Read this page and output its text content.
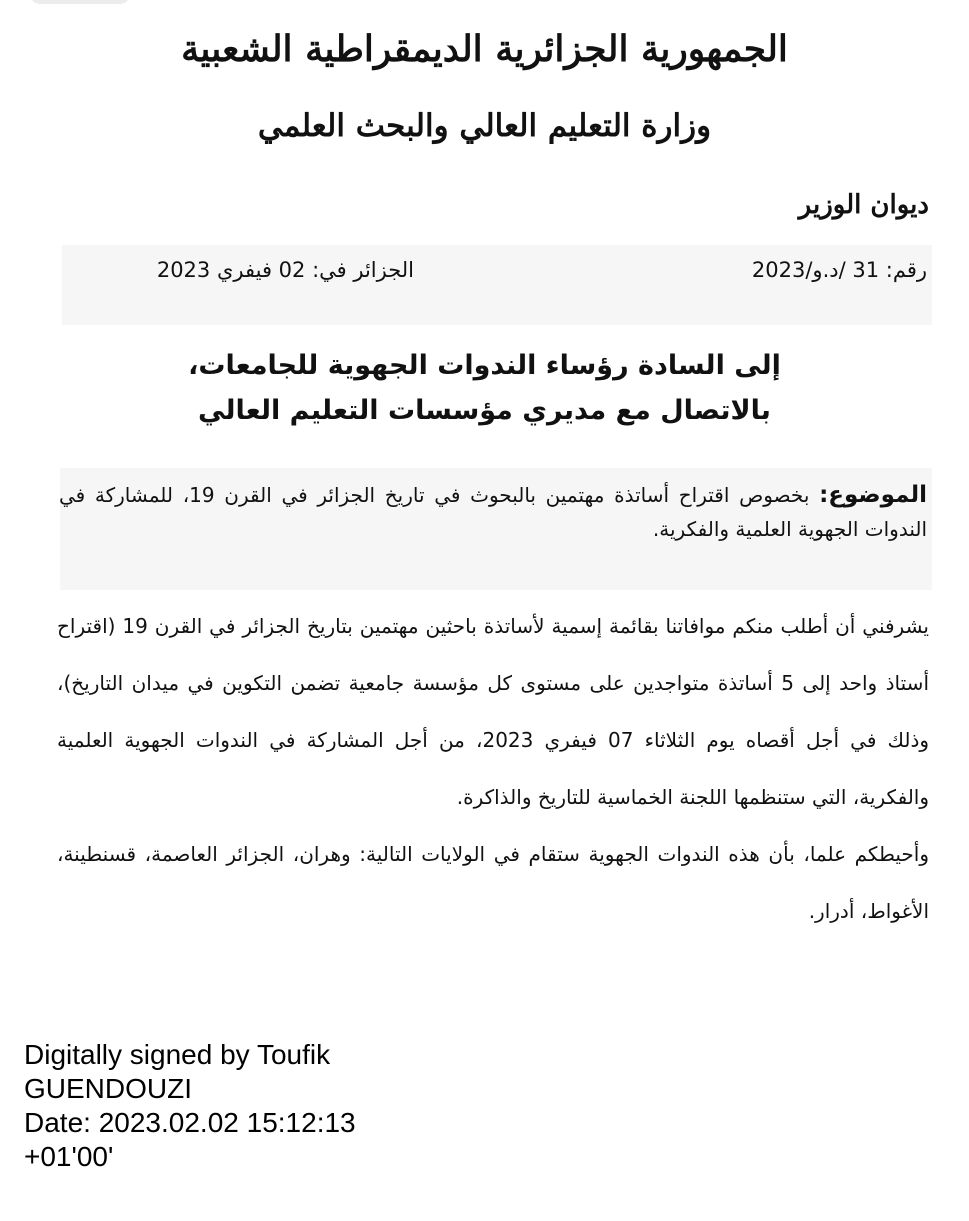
الجمهورية الجزائرية الديمقراطية الشعبية
وزارة التعليم العالي والبحث العلمي
ديوان الوزير
رقم: 31 /د.و/2023
الجزائر في: 02 فيفري 2023
إلى السادة رؤساء الندوات الجهوية للجامعات،
بالاتصال مع مديري مؤسسات التعليم العالي
الموضوع: بخصوص اقتراح أساتذة مهتمين بالبحوث في تاريخ الجزائر في القرن 19، للمشاركة في الندوات الجهوية العلمية والفكرية.

يشرفني أن أطلب منكم موافاتنا بقائمة إسمية لأساتذة باحثين مهتمين بتاريخ الجزائر في القرن 19 (اقتراح أستاذ واحد إلى 5 أساتذة متواجدين على مستوى كل مؤسسة جامعية تضمن التكوين في ميدان التاريخ)، وذلك في أجل أقصاه يوم الثلاثاء 07 فيفري 2023، من أجل المشاركة في الندوات الجهوية العلمية والفكرية، التي ستنظمها اللجنة الخماسية للتاريخ والذاكرة.

وأحيطكم علما، بأن هذه الندوات الجهوية ستقام في الولايات التالية: وهران، الجزائر العاصمة، قسنطينة، الأغواط، أدرار.

Digitally signed by Toufik
GUENDOUZI
Date: 2023.02.02 15:12:13
+01'00'
